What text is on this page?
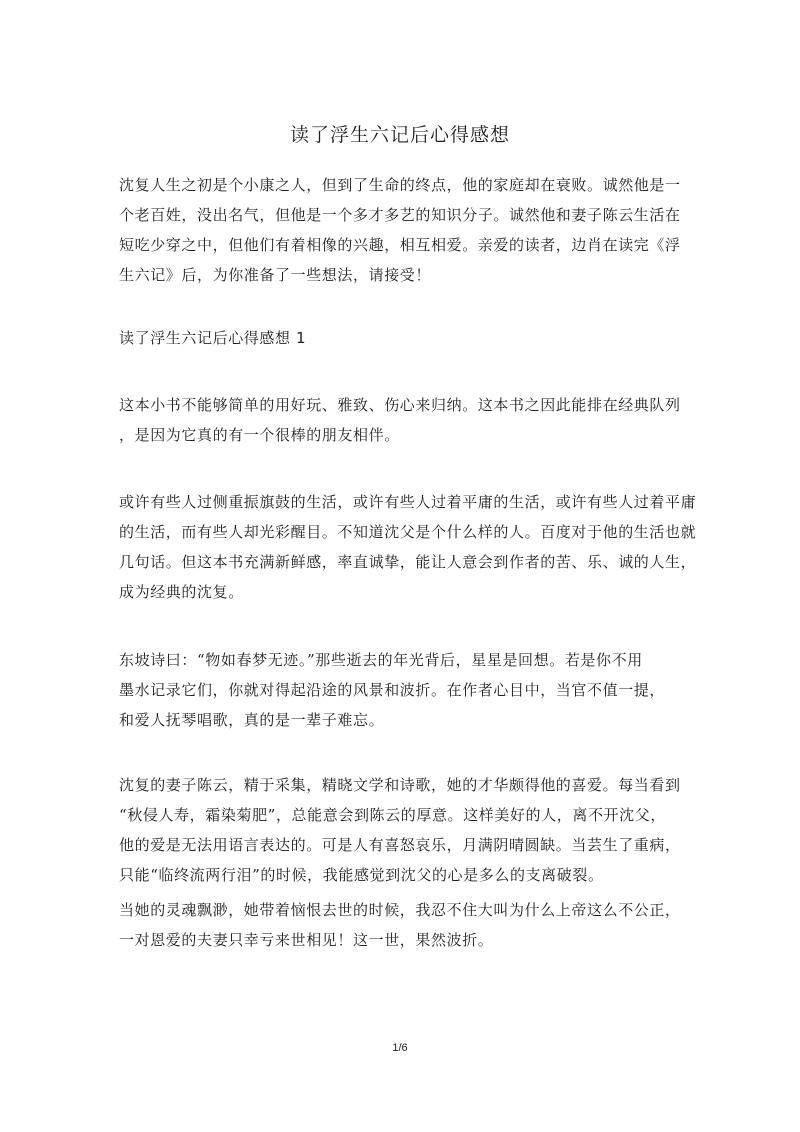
读了浮生六记后心得感想

沈复人生之初是个小康之人，但到了生命的终点，他的家庭却在衰败。诚然他是一
个老百姓，没出名气，但他是一个多才多艺的知识分子。诚然他和妻子陈云生活在
短吃少穿之中，但他们有着相像的兴趣，相互相爱。亲爱的读者，边肖在读完《浮
生六记》后，为你准备了一些想法，请接受！

读了浮生六记后心得感想 1

这本小书不能够简单的用好玩、雅致、伤心来归纳。这本书之因此能排在经典队列
，是因为它真的有一个很棒的朋友相伴。

或许有些人过侧重振旗鼓的生活，或许有些人过着平庸的生活，或许有些人过着平庸
的生活，而有些人却光彩醒目。不知道沈父是个什么样的人。百度对于他的生活也就
几句话。但这本书充满新鲜感，率直诚挚，能让人意会到作者的苦、乐、诚的人生，
成为经典的沈复。

东坡诗曰：“物如春梦无迹。”那些逝去的年光背后，星星是回想。若是你不用
墨水记录它们，你就对得起沿途的风景和波折。在作者心目中，当官不值一提，
和爱人抚琴唱歌，真的是一辈子难忘。

沈复的妻子陈云，精于采集，精晓文学和诗歌，她的才华颇得他的喜爱。每当看到
“秋侵人寿，霜染菊肥”，总能意会到陈云的厚意。这样美好的人，离不开沈父，
他的爱是无法用语言表达的。可是人有喜怒哀乐，月满阴晴圆缺。当芸生了重病，
只能“临终流两行泪”的时候，我能感觉到沈父的心是多么的支离破裂。

当她的灵魂飘渺，她带着恼恨去世的时候，我忍不住大叫为什么上帝这么不公正，
一对恩爱的夫妻只幸亏来世相见！这一世，果然波折。

1/6
